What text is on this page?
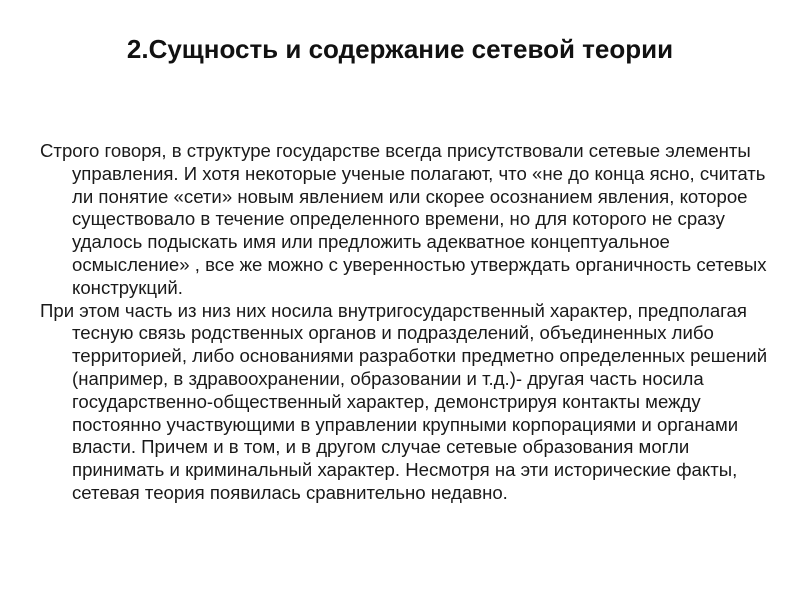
2.Сущность и содержание сетевой теории

Строго говоря, в структуре государстве всегда присутствовали сетевые элементы управления. И хотя некоторые ученые полагают, что «не до конца ясно, считать ли понятие «сети» новым явлением или скорее осознанием явления, которое существовало в течение определенного времени, но для которого не сразу удалось подыскать имя или предложить адекватное концептуальное осмысление» , все же можно с уверенностью утверждать органичность сетевых конструкций.

При этом часть из низ них носила внутригосударственный характер, предполагая тесную связь родственных органов и подразделений, объединенных либо территорией, либо основаниями разработки предметно определенных решений (например, в здравоохранении, образовании и т.д.)- другая часть носила государственно-общественный характер, демонстрируя контакты между постоянно участвующими в управлении крупными корпорациями и органами власти. Причем и в том, и в другом случае сетевые образования могли принимать и криминальный характер. Несмотря на эти исторические факты, сетевая теория появилась сравнительно недавно.
